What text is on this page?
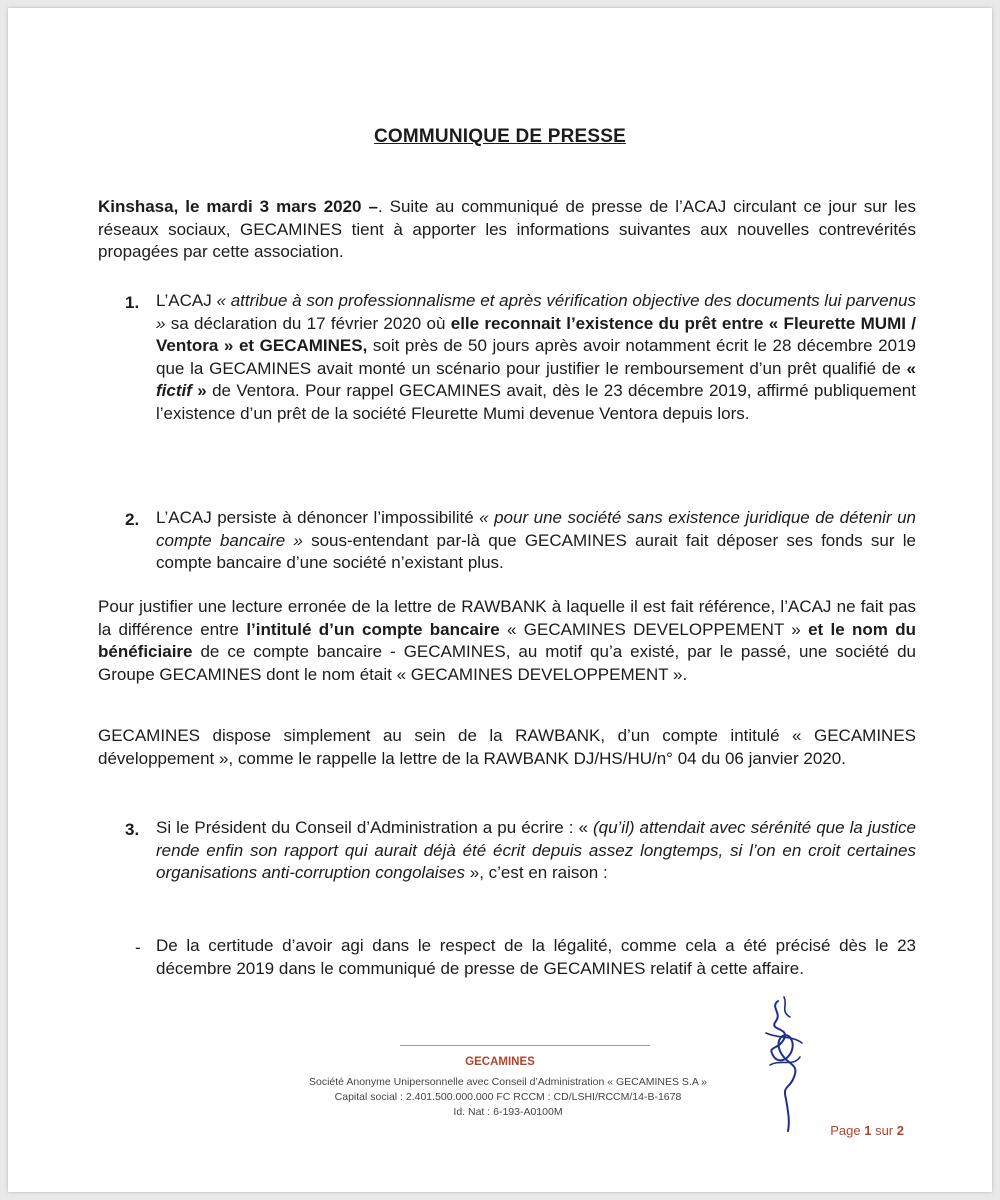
COMMUNIQUE DE PRESSE
Kinshasa, le mardi 3 mars 2020 –. Suite au communiqué de presse de l’ACAJ circulant ce jour sur les réseaux sociaux, GECAMINES tient à apporter les informations suivantes aux nouvelles contrevérités propagées par cette association.
1. L’ACAJ « attribue à son professionnalisme et après vérification objective des documents lui parvenus » sa déclaration du 17 février 2020 où elle reconnait l’existence du prêt entre « Fleurette MUMI / Ventora » et GECAMINES, soit près de 50 jours après avoir notamment écrit le 28 décembre 2019 que la GECAMINES avait monté un scénario pour justifier le remboursement d’un prêt qualifié de « fictif » de Ventora. Pour rappel GECAMINES avait, dès le 23 décembre 2019, affirmé publiquement l’existence d’un prêt de la société Fleurette Mumi devenue Ventora depuis lors.
2. L’ACAJ persiste à dénoncer l’impossibilité « pour une société sans existence juridique de détenir un compte bancaire » sous-entendant par-là que GECAMINES aurait fait déposer ses fonds sur le compte bancaire d’une société n’existant plus.
Pour justifier une lecture erronée de la lettre de RAWBANK à laquelle il est fait référence, l’ACAJ ne fait pas la différence entre l’intitulé d’un compte bancaire « GECAMINES DEVELOPPEMENT » et le nom du bénéficiaire de ce compte bancaire - GECAMINES, au motif qu’a existé, par le passé, une société du Groupe GECAMINES dont le nom était « GECAMINES DEVELOPPEMENT ».
GECAMINES dispose simplement au sein de la RAWBANK, d’un compte intitulé « GECAMINES développement », comme le rappelle la lettre de la RAWBANK DJ/HS/HU/n° 04 du 06 janvier 2020.
3. Si le Président du Conseil d’Administration a pu écrire : « (qu’il) attendait avec sérénité que la justice rende enfin son rapport qui aurait déjà été écrit depuis assez longtemps, si l’on en croit certaines organisations anti-corruption congolaises », c’est en raison :
- De la certitude d’avoir agi dans le respect de la légalité, comme cela a été précisé dès le 23 décembre 2019 dans le communiqué de presse de GECAMINES relatif à cette affaire.
GECAMINES
Société Anonyme Unipersonnelle avec Conseil d’Administration « GECAMINES S.A »
Capital social : 2.401.500.000.000 FC RCCM : CD/LSHI/RCCM/14-B-1678
Id. Nat : 6-193-A0100M
Page 1 sur 2
